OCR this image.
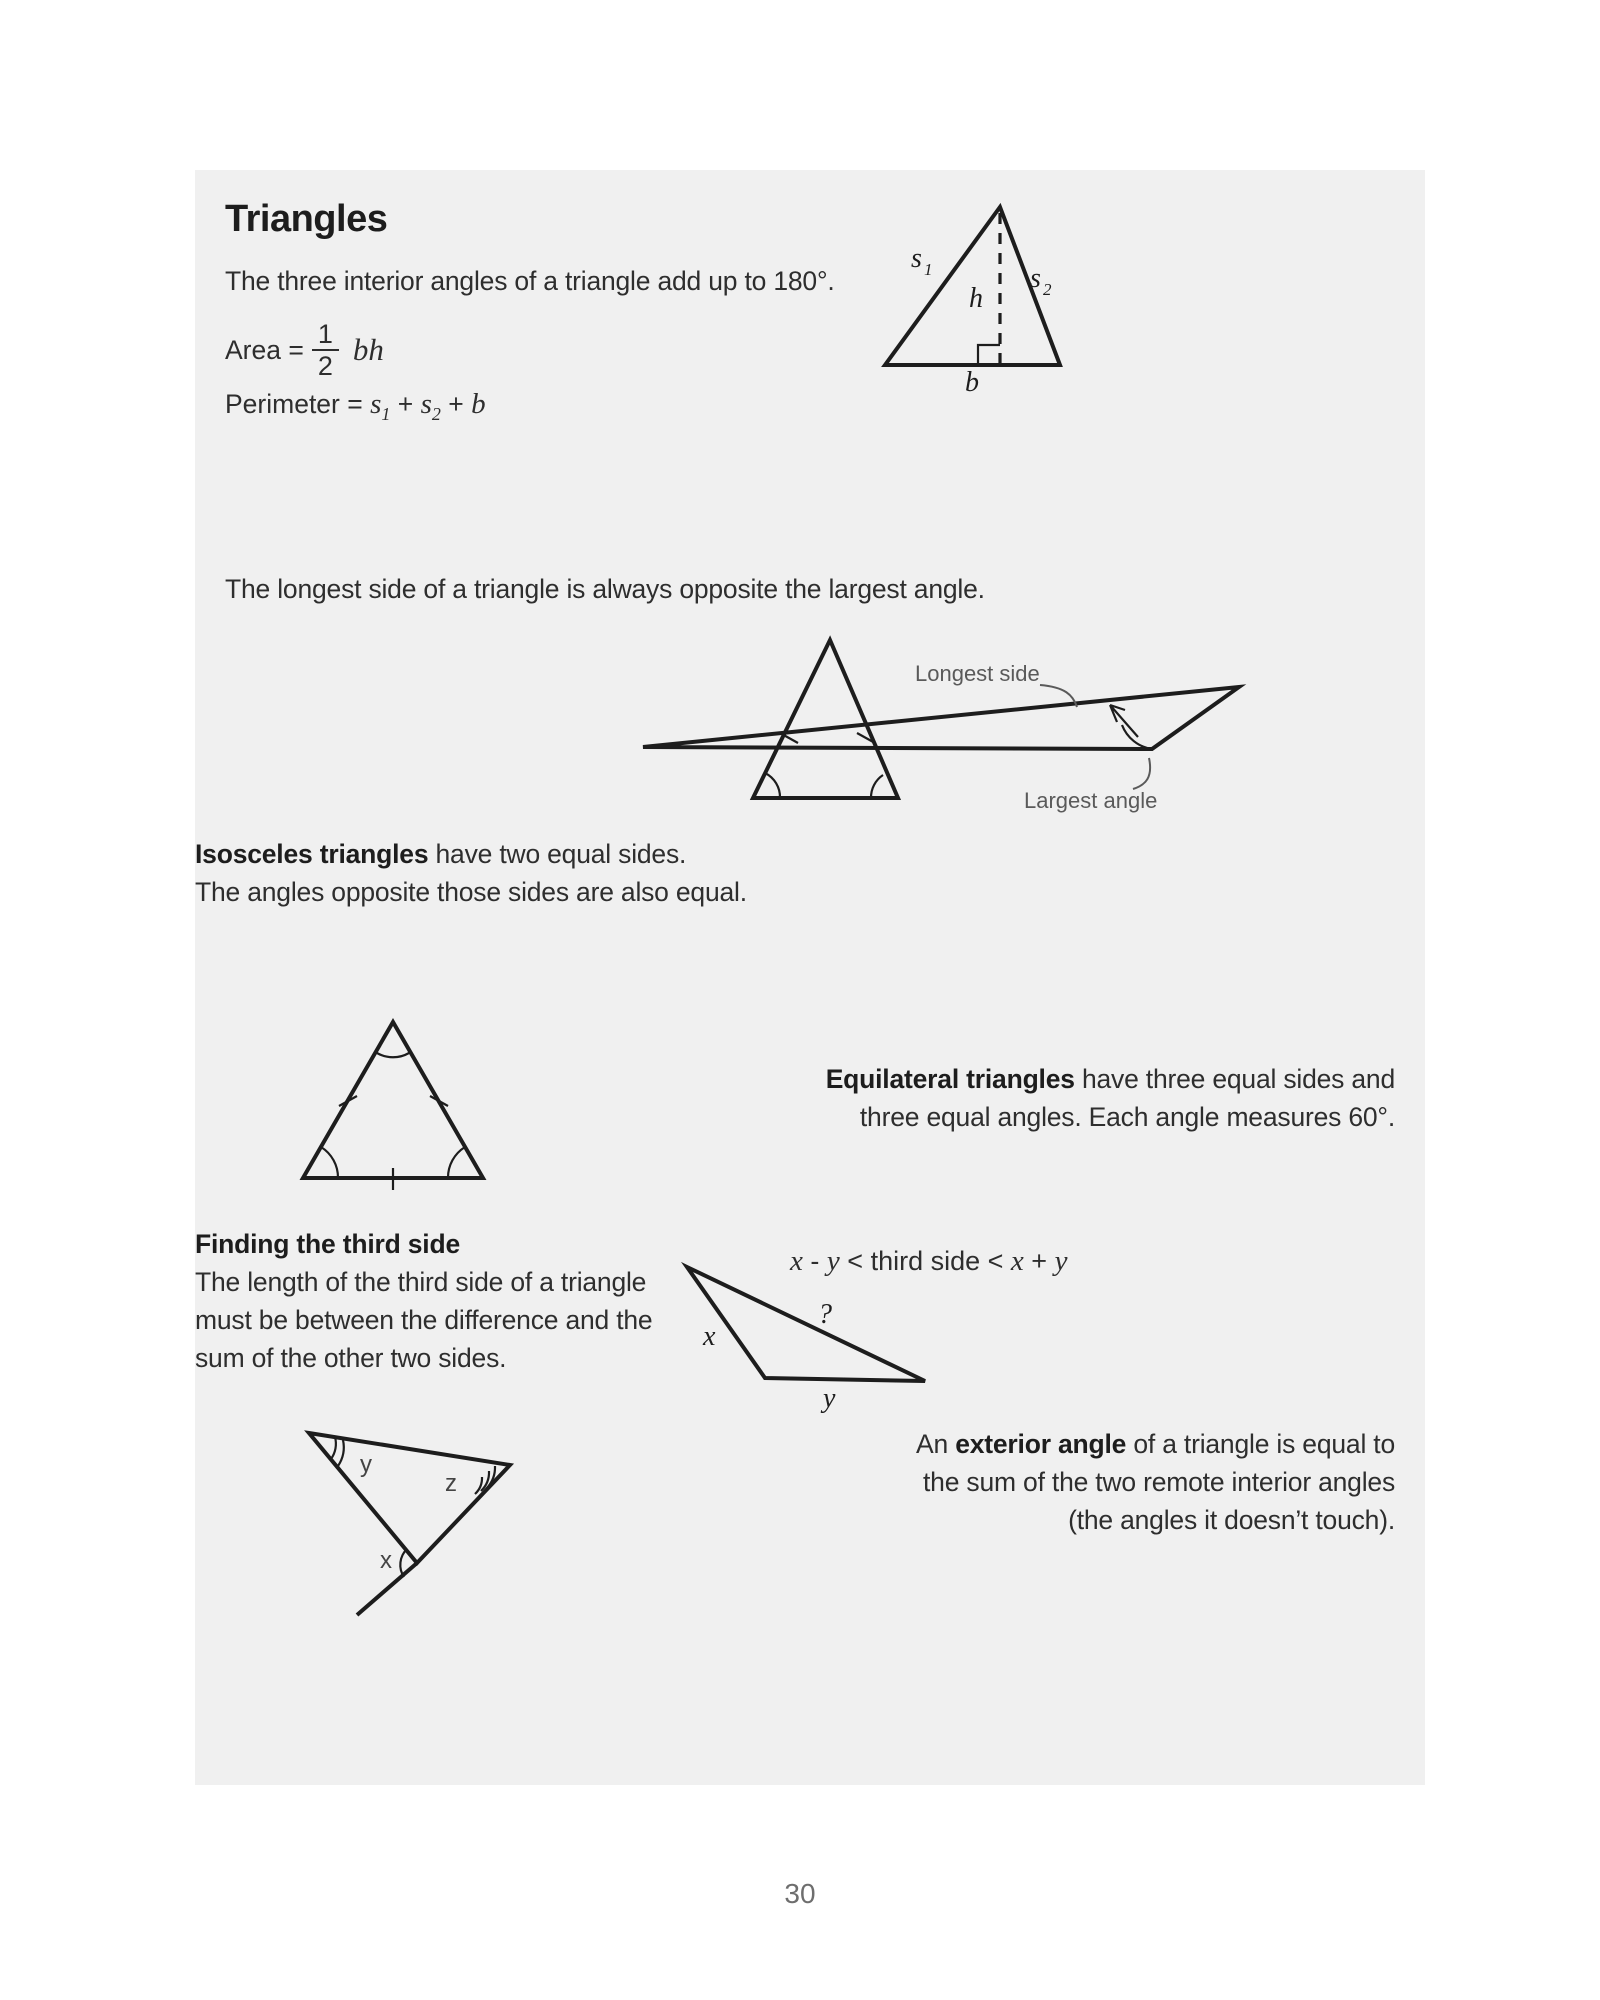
Triangles
The three interior angles of a triangle add up to 180°.
Area = $\frac{1}{2}$ bh
Perimeter = $s_1 + s_2 + b$
s 1	s 2
h
b
The longest side of a triangle is always opposite the largest angle.
Longest side
Largest angle
Isosceles triangles have two equal sides.
The angles opposite those sides are also equal.
Equilateral triangles have three equal sides and
three equal angles. Each angle measures 60°.
Finding the third side
The length of the third side of a triangle
must be between the difference and the
sum of the other two sides.
x - y < third side < x + y
?
x
y
y
z
x
An exterior angle of a triangle is equal to
the sum of the two remote interior angles
(the angles it doesn’t touch).
30
